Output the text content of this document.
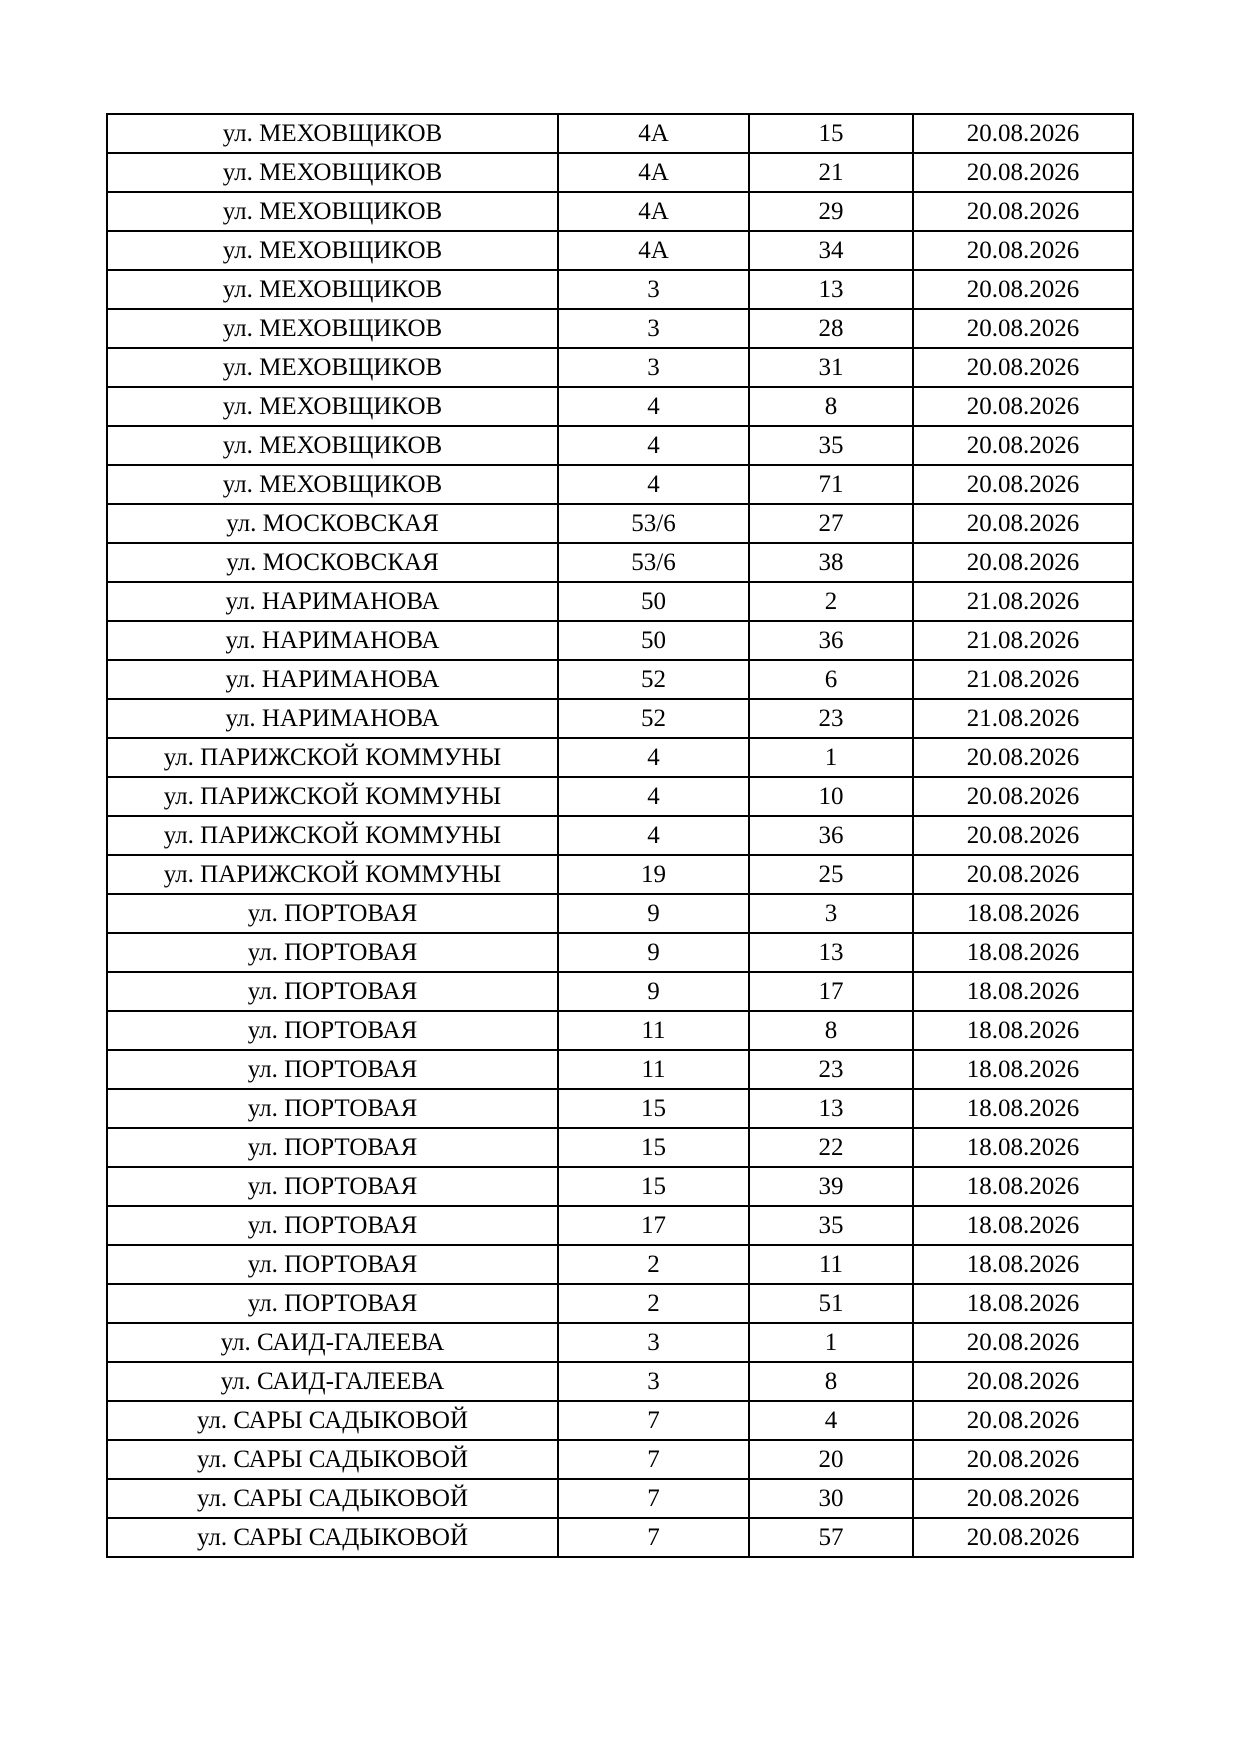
ул. МЕХОВЩИКОВ	4А	15	20.08.2026
ул. МЕХОВЩИКОВ	4А	21	20.08.2026
ул. МЕХОВЩИКОВ	4А	29	20.08.2026
ул. МЕХОВЩИКОВ	4А	34	20.08.2026
ул. МЕХОВЩИКОВ	3	13	20.08.2026
ул. МЕХОВЩИКОВ	3	28	20.08.2026
ул. МЕХОВЩИКОВ	3	31	20.08.2026
ул. МЕХОВЩИКОВ	4	8	20.08.2026
ул. МЕХОВЩИКОВ	4	35	20.08.2026
ул. МЕХОВЩИКОВ	4	71	20.08.2026
ул. МОСКОВСКАЯ	53/6	27	20.08.2026
ул. МОСКОВСКАЯ	53/6	38	20.08.2026
ул. НАРИМАНОВА	50	2	21.08.2026
ул. НАРИМАНОВА	50	36	21.08.2026
ул. НАРИМАНОВА	52	6	21.08.2026
ул. НАРИМАНОВА	52	23	21.08.2026
ул. ПАРИЖСКОЙ КОММУНЫ	4	1	20.08.2026
ул. ПАРИЖСКОЙ КОММУНЫ	4	10	20.08.2026
ул. ПАРИЖСКОЙ КОММУНЫ	4	36	20.08.2026
ул. ПАРИЖСКОЙ КОММУНЫ	19	25	20.08.2026
ул. ПОРТОВАЯ	9	3	18.08.2026
ул. ПОРТОВАЯ	9	13	18.08.2026
ул. ПОРТОВАЯ	9	17	18.08.2026
ул. ПОРТОВАЯ	11	8	18.08.2026
ул. ПОРТОВАЯ	11	23	18.08.2026
ул. ПОРТОВАЯ	15	13	18.08.2026
ул. ПОРТОВАЯ	15	22	18.08.2026
ул. ПОРТОВАЯ	15	39	18.08.2026
ул. ПОРТОВАЯ	17	35	18.08.2026
ул. ПОРТОВАЯ	2	11	18.08.2026
ул. ПОРТОВАЯ	2	51	18.08.2026
ул. САИД-ГАЛЕЕВА	3	1	20.08.2026
ул. САИД-ГАЛЕЕВА	3	8	20.08.2026
ул. САРЫ САДЫКОВОЙ	7	4	20.08.2026
ул. САРЫ САДЫКОВОЙ	7	20	20.08.2026
ул. САРЫ САДЫКОВОЙ	7	30	20.08.2026
ул. САРЫ САДЫКОВОЙ	7	57	20.08.2026
